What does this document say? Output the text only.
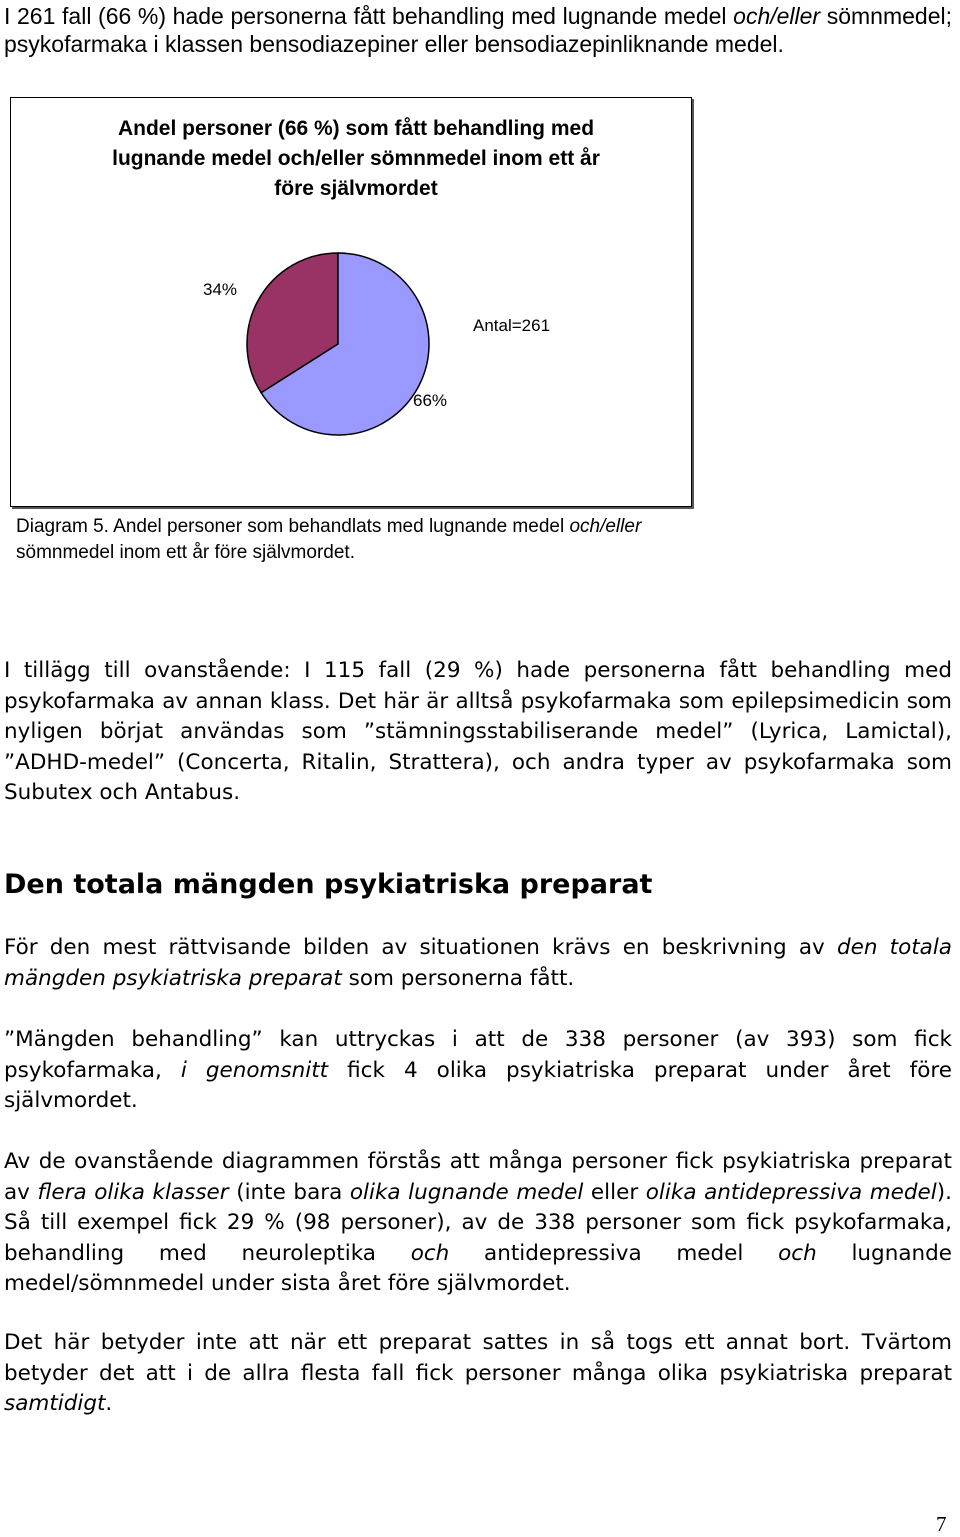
I 261 fall (66 %) hade personerna fått behandling med lugnande medel och/eller sömnmedel; psykofarmaka i klassen bensodiazepiner eller bensodiazepinliknande medel.

Andel personer (66 %) som fått behandling med
lugnande medel och/eller sömnmedel inom ett år
före självmordet
34%
Antal=261
66%
Diagram 5. Andel personer som behandlats med lugnande medel och/eller sömnmedel inom ett år före självmordet.

I tillägg till ovanstående: I 115 fall (29 %) hade personerna fått behandling med psykofarmaka av annan klass. Det här är alltså psykofarmaka som epilepsimedicin som nyligen börjat användas som ”stämningsstabiliserande medel” (Lyrica, Lamictal), ”ADHD-medel” (Concerta, Ritalin, Strattera), och andra typer av psykofarmaka som Subutex och Antabus.

Den totala mängden psykiatriska preparat

För den mest rättvisande bilden av situationen krävs en beskrivning av den totala mängden psykiatriska preparat som personerna fått.

”Mängden behandling” kan uttryckas i att de 338 personer (av 393) som fick psykofarmaka, i genomsnitt fick 4 olika psykiatriska preparat under året före självmordet.

Av de ovanstående diagrammen förstås att många personer fick psykiatriska preparat av flera olika klasser (inte bara olika lugnande medel eller olika antidepressiva medel). Så till exempel fick 29 % (98 personer), av de 338 personer som fick psykofarmaka, behandling med neuroleptika och antidepressiva medel och lugnande medel/sömnmedel under sista året före självmordet.

Det här betyder inte att när ett preparat sattes in så togs ett annat bort. Tvärtom betyder det att i de allra flesta fall fick personer många olika psykiatriska preparat samtidigt.

7
